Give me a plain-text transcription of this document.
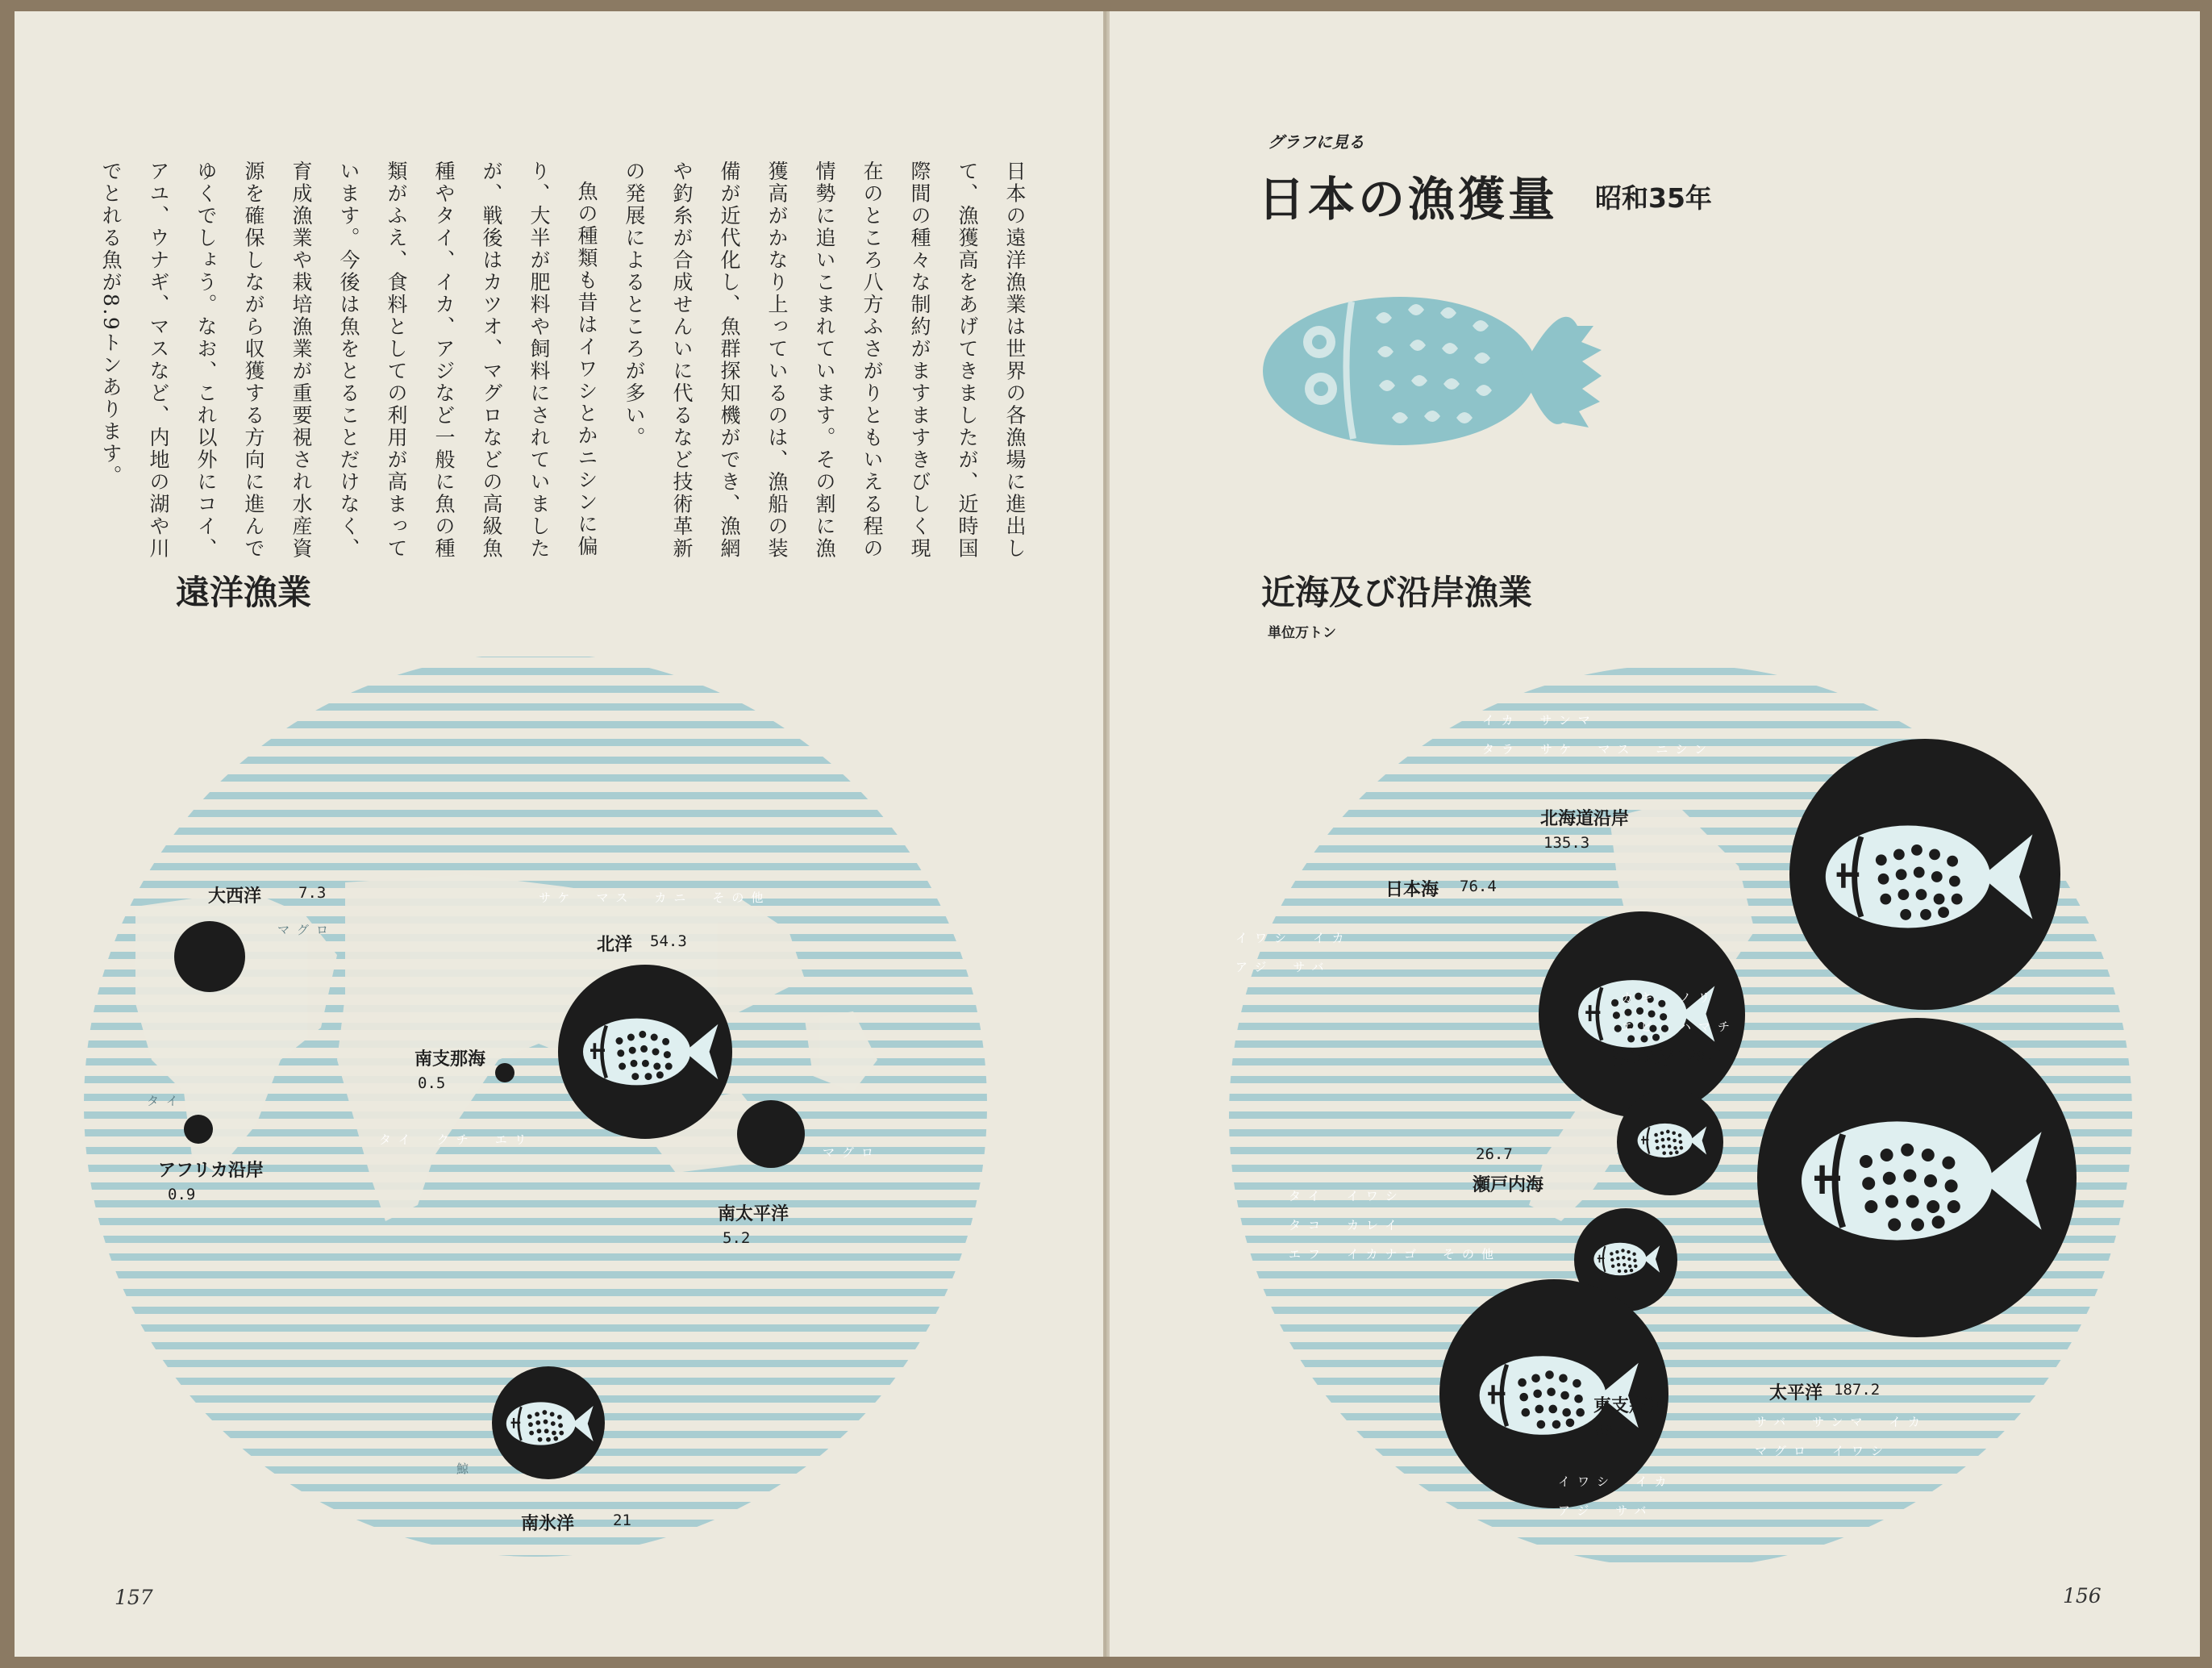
日本の遠洋漁業は世界の各漁場に進出して、漁獲高をあげてきましたが、近時国際間の種々な制約がますますきびしく現在のところ八方ふさがりともいえる程の情勢に追いこまれています。その割に漁獲高がかなり上っているのは、漁船の装備が近代化し、魚群探知機ができ、漁網や釣糸が合成せんいに代るなど技術革新の発展によるところが多い。

魚の種類も昔はイワシとかニシンに偏り、大半が肥料や飼料にされていましたが、戦後はカツオ、マグロなどの高級魚種やタイ、イカ、アジなど一般に魚の種類がふえ、食料としての利用が高まっています。今後は魚をとることだけなく、育成漁業や栽培漁業が重要視され水産資源を確保しながら収獲する方向に進んでゆくでしょう。なお、これ以外にコイ、アユ、ウナギ、マスなど、内地の湖や川でとれる魚が8.9トンあります。

遠洋漁業
大西洋 7.3
北洋 54.3
南支那海
0.5
アフリカ沿岸
0.9
南太平洋
5.2
南氷洋	21
サケ　マス　カニ　その他
マグロ
タイ
タイ　クチ　エリ
マグロ
鯨
157
グラフに見る
日本の漁獲量 昭和35年
近海及び沿岸漁業
単位万トン
北海道沿岸
135.3
日本海 76.4
浅海養殖 28.4
26.7
瀬戸内海
東支那海
88.5
太平洋 187.2
イカ　サンマ
タラ　サケ　マス　ニシン
イワシ　イカ
アジ　サバ
カキ　ノリ
エビ　ハマチ
タイ　イワシ
タコ　カレイ
エフ　イカナゴ　その他
サバ　サンマ　イカ
マグロ　イワシ
イワシ　イカ
アジ　サバ
156
